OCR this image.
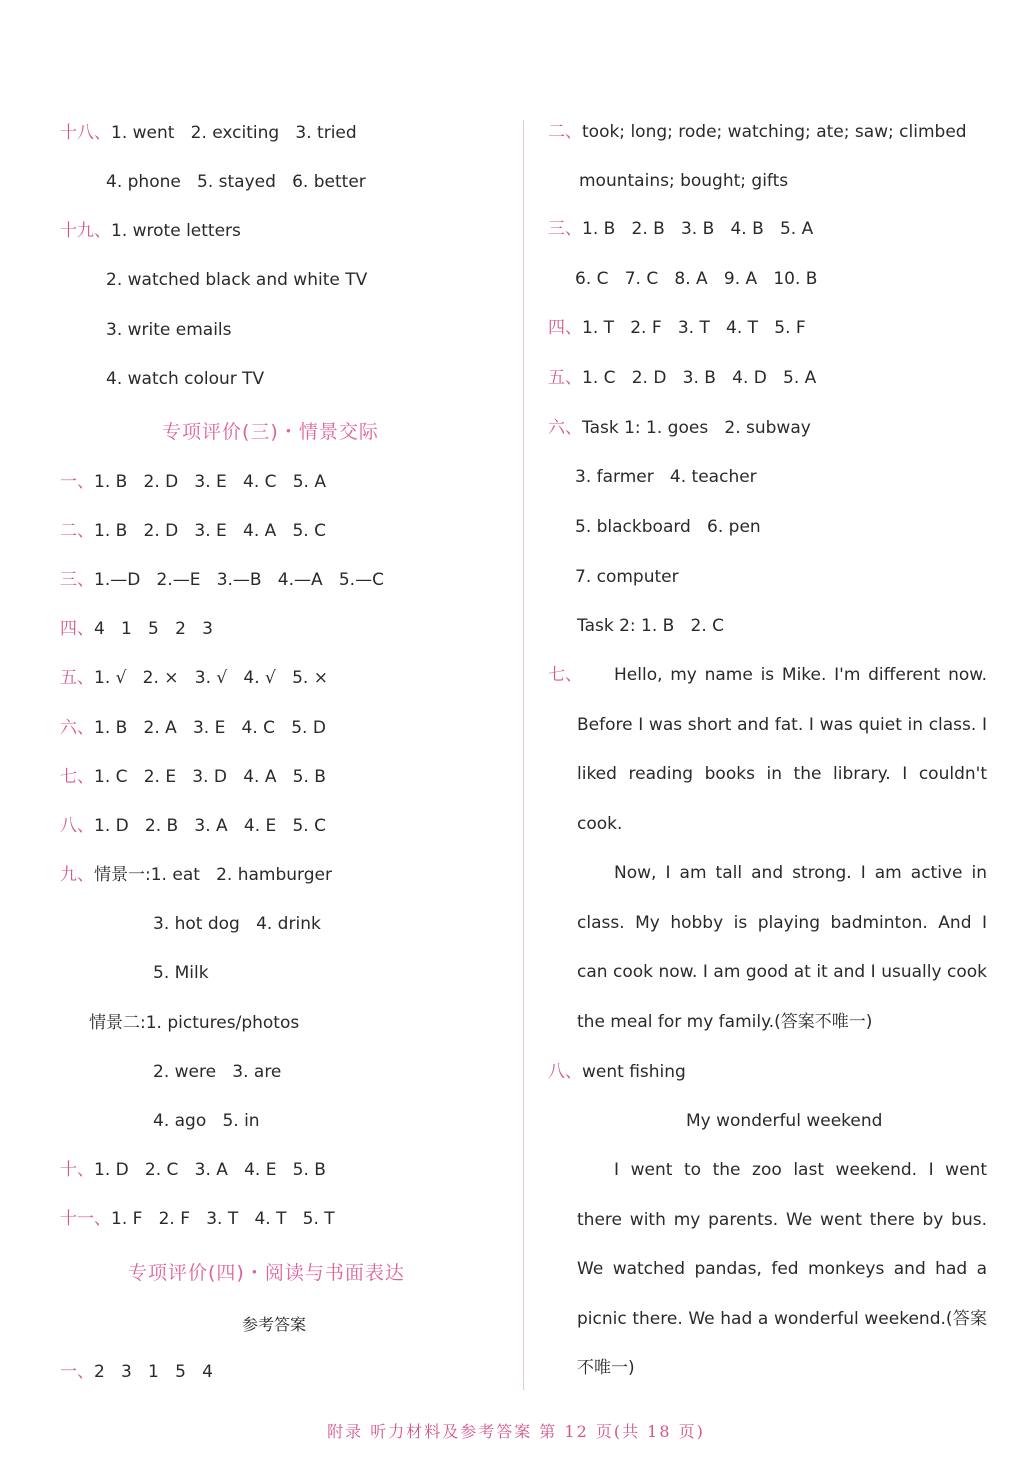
十八、1. went   2. exciting   3. tried
4. phone   5. stayed   6. better
十九、1. wrote letters
2. watched black and white TV
3. write emails
4. watch colour TV
专项评价(三)・情景交际
一、1. B   2. D   3. E   4. C   5. A
二、1. B   2. D   3. E   4. A   5. C
三、1.—D   2.—E   3.—B   4.—A   5.—C
四、4   1   5   2   3
五、1. √   2. ×   3. √   4. √   5. ×
六、1. B   2. A   3. E   4. C   5. D
七、1. C   2. E   3. D   4. A   5. B
八、1. D   2. B   3. A   4. E   5. C
九、情景一:1. eat   2. hamburger
3. hot dog   4. drink
5. Milk
情景二:1. pictures/photos
2. were   3. are
4. ago   5. in
十、1. D   2. C   3. A   4. E   5. B
十一、1. F   2. F   3. T   4. T   5. T
专项评价(四)・阅读与书面表达
参考答案
一、2   3   1   5   4
二、took; long; rode; watching; ate; saw; climbed
mountains; bought; gifts
三、1. B   2. B   3. B   4. B   5. A
6. C   7. C   8. A   9. A   10. B
四、1. T   2. F   3. T   4. T   5. F
五、1. C   2. D   3. B   4. D   5. A
六、Task 1: 1. goes   2. subway
3. farmer   4. teacher
5. blackboard   6. pen
7. computer
Task 2: 1. B   2. C
七、	Hello, my name is Mike. I'm different now. Before I was short and fat. I was quiet in class. I liked reading books in the library. I couldn't cook.

Now, I am tall and strong. I am active in class. My hobby is playing badminton. And I can cook now. I am good at it and I usually cook the meal for my family.(答案不唯一)

八、went fishing
My wonderful weekend

I went to the zoo last weekend. I went there with my parents. We went there by bus. We watched pandas, fed monkeys and had a picnic there. We had a wonderful weekend.(答案不唯一)

附录 听力材料及参考答案 第 12 页(共 18 页)
